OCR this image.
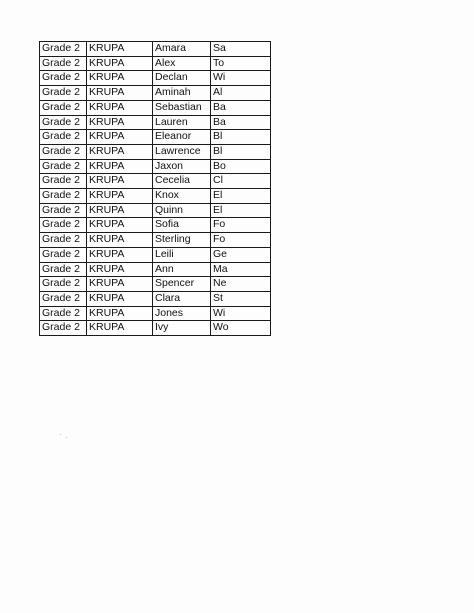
Grade 2	KRUPA	Amara	Sa
Grade 2	KRUPA	Alex	To
Grade 2	KRUPA	Declan	Wi
Grade 2	KRUPA	Aminah	Al
Grade 2	KRUPA	Sebastian	Ba
Grade 2	KRUPA	Lauren	Ba
Grade 2	KRUPA	Eleanor	Bl
Grade 2	KRUPA	Lawrence	Bl
Grade 2	KRUPA	Jaxon	Bo
Grade 2	KRUPA	Cecelia	Cl
Grade 2	KRUPA	Knox	El
Grade 2	KRUPA	Quinn	El
Grade 2	KRUPA	Sofia	Fo
Grade 2	KRUPA	Sterling	Fo
Grade 2	KRUPA	Leili	Ge
Grade 2	KRUPA	Ann	Ma
Grade 2	KRUPA	Spencer	Ne
Grade 2	KRUPA	Clara	St
Grade 2	KRUPA	Jones	Wi
Grade 2	KRUPA	Ivy	Wo
